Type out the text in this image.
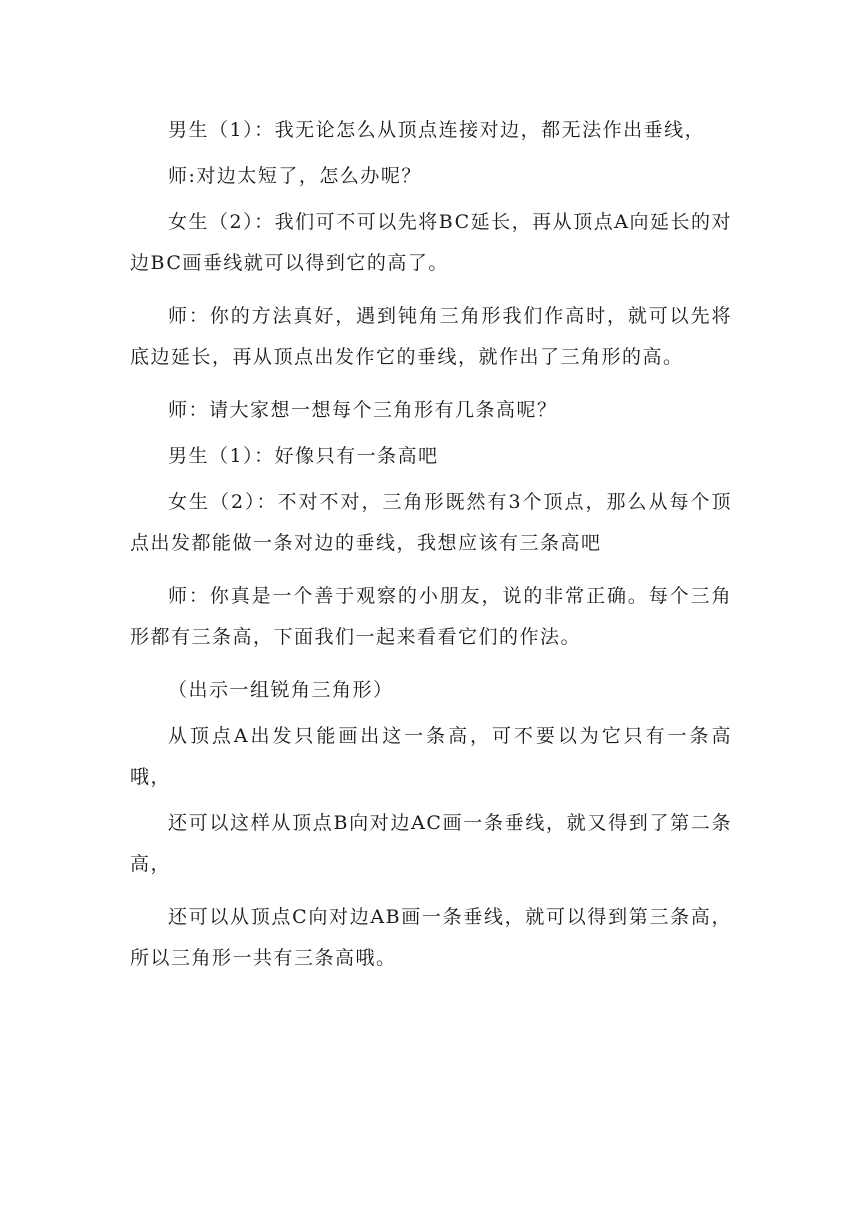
男生（1）：我无论怎么从顶点连接对边，都无法作出垂线，

师:对边太短了，怎么办呢？

女生（2）：我们可不可以先将BC延长，再从顶点A向延长的对边BC画垂线就可以得到它的高了。

师：你的方法真好，遇到钝角三角形我们作高时，就可以先将底边延长，再从顶点出发作它的垂线，就作出了三角形的高。

师：请大家想一想每个三角形有几条高呢？

男生（1）：好像只有一条高吧

女生（2）：不对不对，三角形既然有3个顶点，那么从每个顶点出发都能做一条对边的垂线，我想应该有三条高吧

师：你真是一个善于观察的小朋友，说的非常正确。每个三角形都有三条高，下面我们一起来看看它们的作法。

（出示一组锐角三角形）

从顶点A出发只能画出这一条高，可不要以为它只有一条高哦，

还可以这样从顶点B向对边AC画一条垂线，就又得到了第二条高，

还可以从顶点C向对边AB画一条垂线，就可以得到第三条高，所以三角形一共有三条高哦。
